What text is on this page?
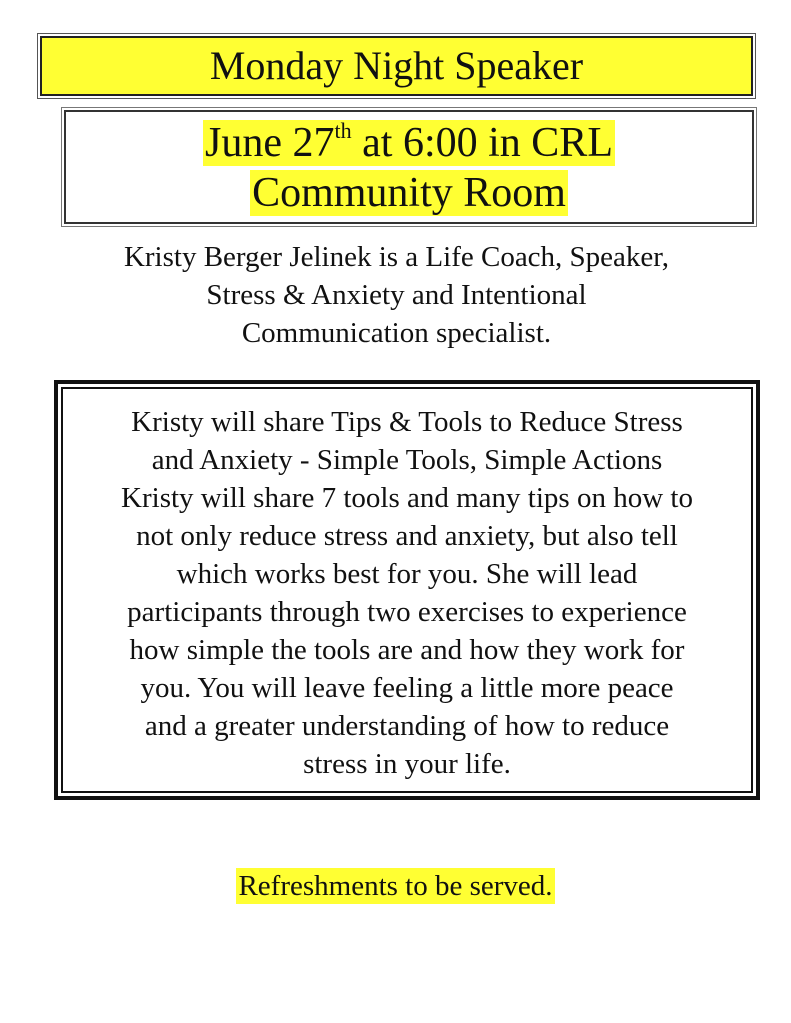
Monday Night Speaker
June 27th at 6:00 in CRL
Community Room
Kristy Berger Jelinek is a Life Coach, Speaker,
Stress & Anxiety and Intentional
Communication specialist.
Kristy will share Tips & Tools to Reduce Stress
and Anxiety - Simple Tools, Simple Actions
Kristy will share 7 tools and many tips on how to
not only reduce stress and anxiety, but also tell
which works best for you. She will lead
participants through two exercises to experience
how simple the tools are and how they work for
you. You will leave feeling a little more peace
and a greater understanding of how to reduce
stress in your life.
Refreshments to be served.
